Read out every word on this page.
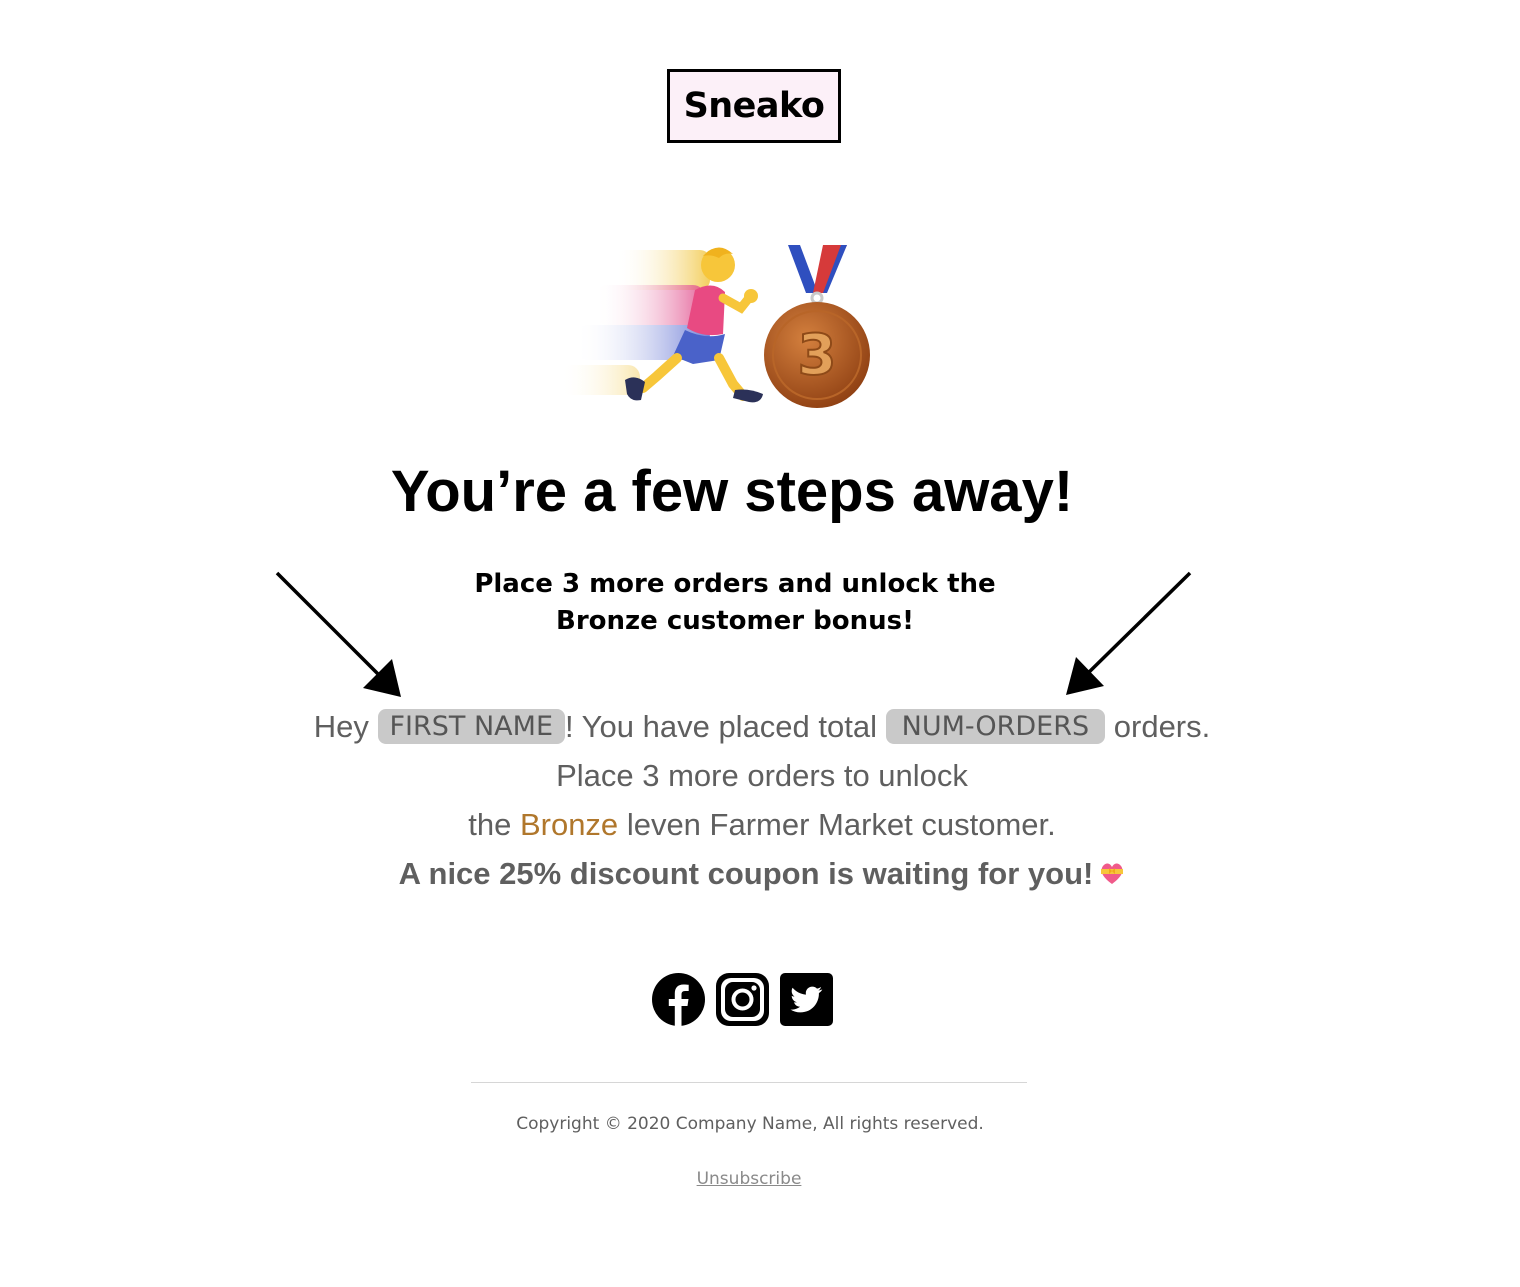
Sneako
3
You’re a few steps away!
Place 3 more orders and unlock the
Bronze customer bonus!
Hey FIRST NAME ! You have placed total NUM-ORDERS orders.
Place 3 more orders to unlock
the Bronze leven Farmer Market customer.
A nice 25% discount coupon is waiting for you!
Copyright © 2020 Company Name, All rights reserved.
Unsubscribe
